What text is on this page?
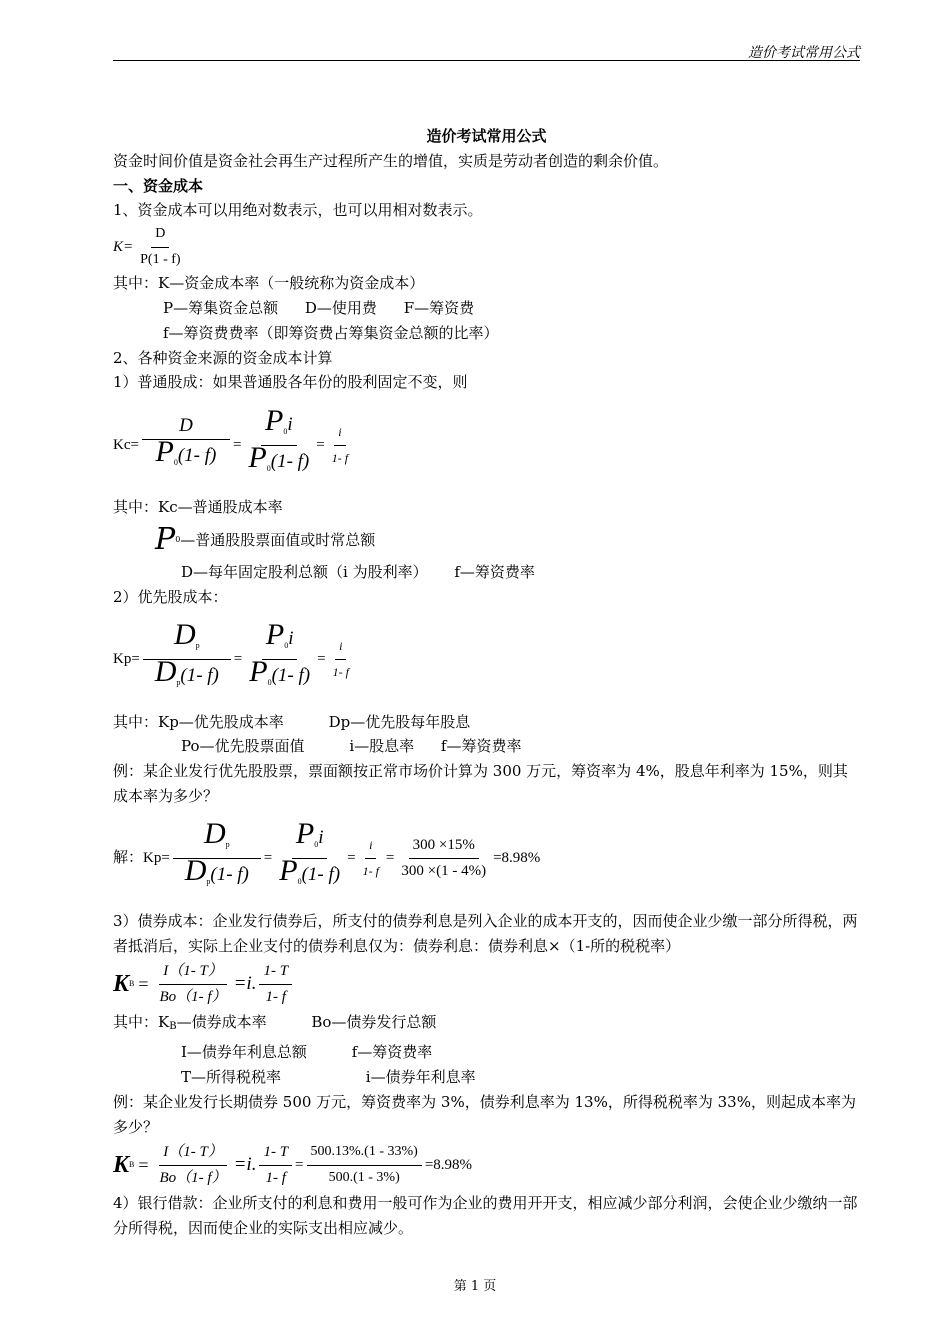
造价考试常用公式

造价考试常用公式

资金时间价值是资金社会再生产过程所产生的增值，实质是劳动者创造的剩余价值。

一、资金成本

1、资金成本可以用绝对数表示，也可以用相对数表示。

$K= \frac{D}{P(1 - f)}$

其中：K—资金成本率（一般统称为资金成本）

P—筹集资金总额 D—使用费 F—筹资费

f—筹资费费率（即筹资费占筹集资金总额的比率）

2、各种资金来源的资金成本计算

1）普通股成：如果普通股各年份的股利固定不变，则

$Kc= \frac{D}{P_0(1- f)} = \frac{P_0i}{P_0(1- f)} = \frac{i}{1- f}$

其中：Kc—普通股成本率

P 0 —普通股股票面值或时常总额

D—每年固定股利总额（i 为股利率） f—筹资费率

2）优先股成本：

$Kp= \frac{D_p}{D_p(1- f)} = \frac{P_0i}{P_0(1- f)} = \frac{i}{1- f}$

其中：Kp—优先股成本率	Dp—优先股每年股息

Po—优先股票面值	i—股息率 f—筹资费率

例：某企业发行优先股股票，票面额按正常市场价计算为 300 万元，筹资率为 4%，股息年利率为 15%，则其成本率为多少？

解：$Kp= \frac{D_p}{D_p(1- f)} = \frac{P_0i}{P_0(1- f)} = \frac{i}{1- f} = \frac{300 \times 15\%}{300 \times(1 - 4\%)} =8.98\%$

3）债券成本：企业发行债券后，所支付的债券利息是列入企业的成本开支的，因而使企业少缴一部分所得税，两者抵消后，实际上企业支付的债券利息仅为：债券利息：债券利息×（1-所的税税率）

K $B = \frac{I(1- T)}{Bo(1- f)} =i$. $\frac{1- T}{1- f}$

其中：KB—债券成本率	Bo—债券发行总额

I—债券年利息总额	f—筹资费率

T—所得税税率	i—债券年利息率

例：某企业发行长期债券 500 万元，筹资费率为 3%，债券利息率为 13%，所得税税率为 33%，则起成本率为多少？

K $B = \frac{I(1- T)}{Bo(1- f)} =i$. $\frac{1- T}{1- f} = \frac{500.13\%.(1 - 33\%)}{500.(1 - 3\%)} =8.98\%$

4）银行借款：企业所支付的利息和费用一般可作为企业的费用开开支，相应减少部分利润，会使企业少缴纳一部分所得税，因而使企业的实际支出相应减少。

第 1 页
